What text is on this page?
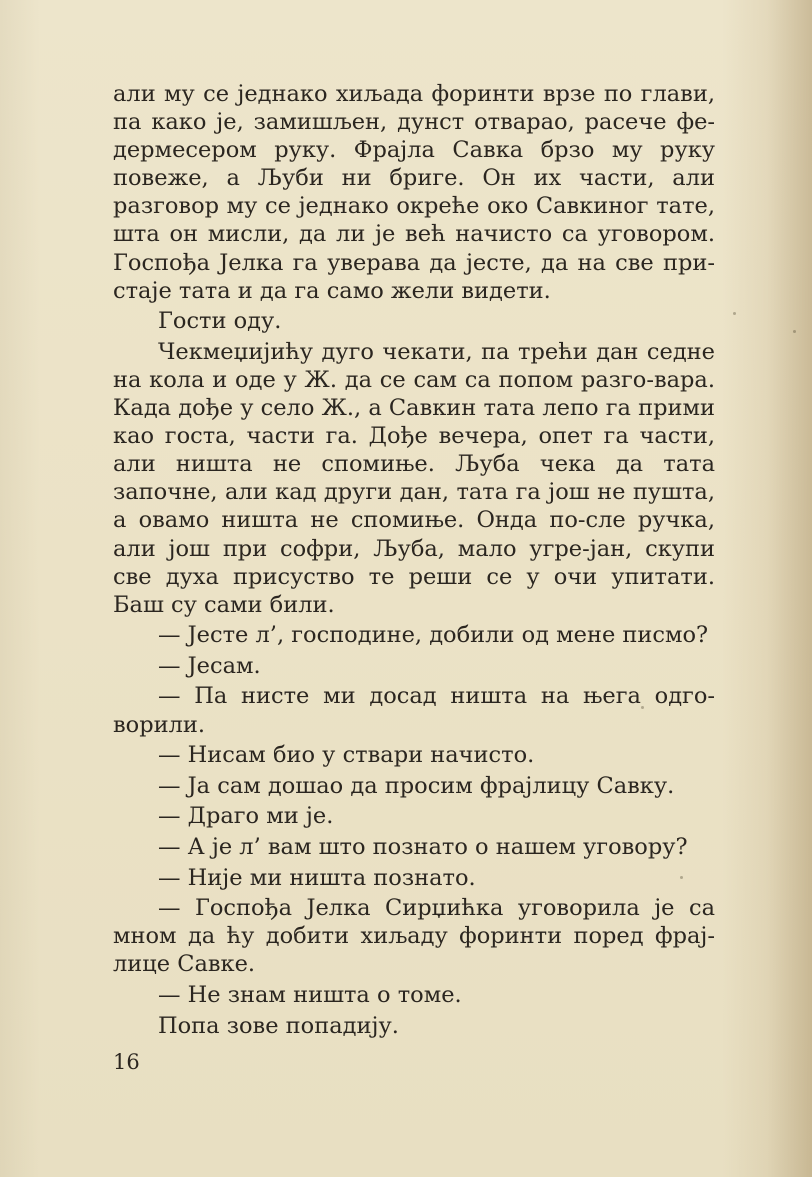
али му се једнако хиљада форинти врзе по глави, па како је, замишљен, дунст отварао, расече фе-дермесером руку. Фрајла Савка брзо му руку повеже, а Љуби ни бриге. Он их части, али разговор му се једнако окреће око Савкиног тате, шта он мисли, да ли је већ начисто са уговором. Госпођа Јелка га уверава да јесте, да на све при-стаје тата и да га само жели видети.

Гости оду.

Чекмеџијићу дуго чекати, па трећи дан седне на кола и оде у Ж. да се сам са попом разго-вара. Када дође у село Ж., а Савкин тата лепо га прими као госта, части га. Дође вечера, опет га части, али ништа не спомиње. Љуба чека да тата започне, али кад други дан, тата га још не пушта, а овамо ништа не спомиње. Онда по-сле ручка, али још при софри, Љуба, мало угре-јан, скупи све духа присуство те реши се у очи упитати. Баш су сами били.

— Јесте л’, господине, добили од мене писмо?

— Јесам.

— Па нисте ми досад ништа на њега одго-ворили.

— Нисам био у ствари начисто.

— Ја сам дошао да просим фрајлицу Савку.

— Драго ми је.

— А је л’ вам што познато о нашем уговору?

— Није ми ништа познато.

— Госпођа Јелка Сирџићка уговорила је са мном да ћу добити хиљаду форинти поред фрај-лице Савке.

— Не знам ништа о томе.

Попа зове попадију.

16
